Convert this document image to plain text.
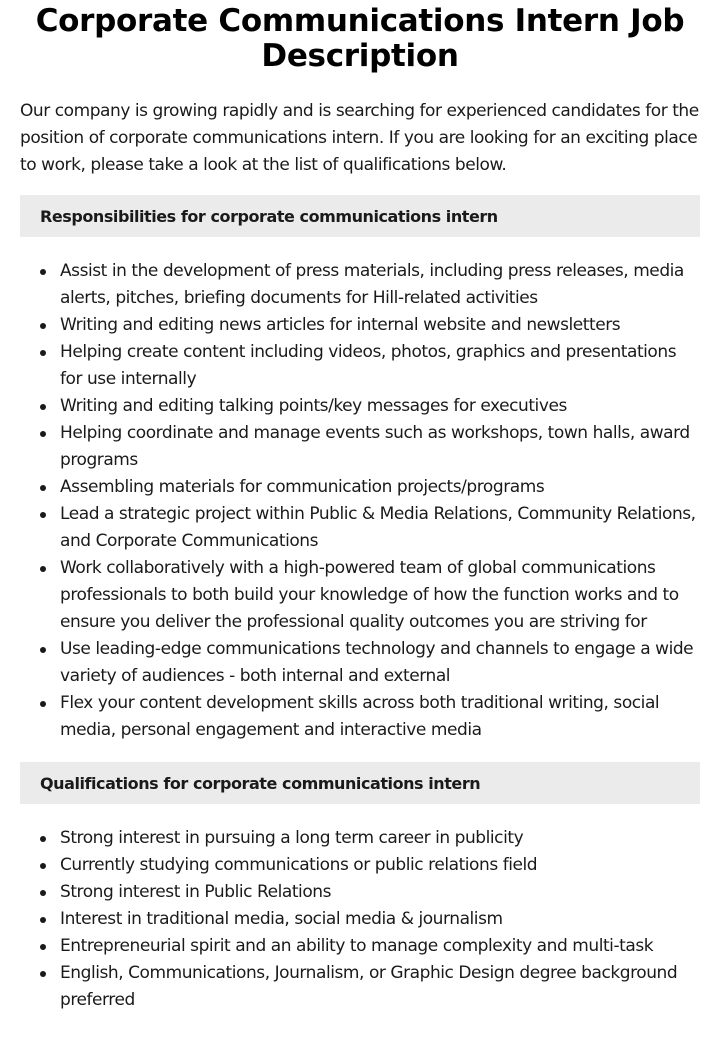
Corporate Communications Intern Job Description

Our company is growing rapidly and is searching for experienced candidates for the position of corporate communications intern. If you are looking for an exciting place to work, please take a look at the list of qualifications below.

Responsibilities for corporate communications intern
Assist in the development of press materials, including press releases, media alerts, pitches, briefing documents for Hill-related activities
Writing and editing news articles for internal website and newsletters
Helping create content including videos, photos, graphics and presentations for use internally
Writing and editing talking points/key messages for executives
Helping coordinate and manage events such as workshops, town halls, award programs
Assembling materials for communication projects/programs
Lead a strategic project within Public & Media Relations, Community Relations, and Corporate Communications
Work collaboratively with a high-powered team of global communications professionals to both build your knowledge of how the function works and to ensure you deliver the professional quality outcomes you are striving for
Use leading-edge communications technology and channels to engage a wide variety of audiences - both internal and external
Flex your content development skills across both traditional writing, social media, personal engagement and interactive media
Qualifications for corporate communications intern
Strong interest in pursuing a long term career in publicity
Currently studying communications or public relations field
Strong interest in Public Relations
Interest in traditional media, social media & journalism
Entrepreneurial spirit and an ability to manage complexity and multi-task
English, Communications, Journalism, or Graphic Design degree background preferred
